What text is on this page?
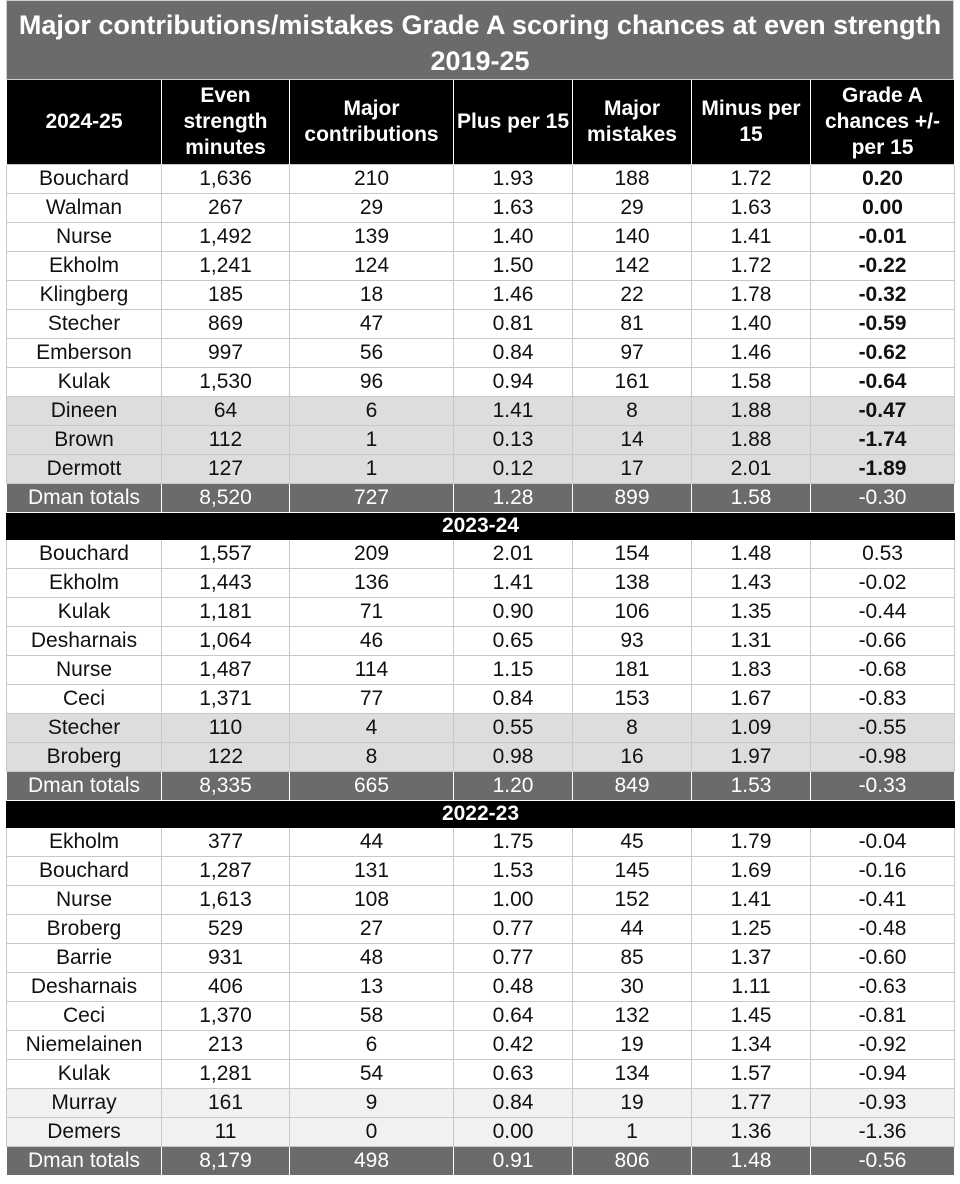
Major contributions/mistakes Grade A scoring chances at even strength 2019-25
2024-25	Even strength minutes	Major contributions	Plus per 15	Major mistakes	Minus per 15	Grade A chances +/- per 15
Bouchard	1,636	210	1.93	188	1.72	0.20
Walman	267	29	1.63	29	1.63	0.00
Nurse	1,492	139	1.40	140	1.41	-0.01
Ekholm	1,241	124	1.50	142	1.72	-0.22
Klingberg	185	18	1.46	22	1.78	-0.32
Stecher	869	47	0.81	81	1.40	-0.59
Emberson	997	56	0.84	97	1.46	-0.62
Kulak	1,530	96	0.94	161	1.58	-0.64
Dineen	64	6	1.41	8	1.88	-0.47
Brown	112	1	0.13	14	1.88	-1.74
Dermott	127	1	0.12	17	2.01	-1.89
Dman totals	8,520	727	1.28	899	1.58	-0.30
2023-24						
Bouchard	1,557	209	2.01	154	1.48	0.53
Ekholm	1,443	136	1.41	138	1.43	-0.02
Kulak	1,181	71	0.90	106	1.35	-0.44
Desharnais	1,064	46	0.65	93	1.31	-0.66
Nurse	1,487	114	1.15	181	1.83	-0.68
Ceci	1,371	77	0.84	153	1.67	-0.83
Stecher	110	4	0.55	8	1.09	-0.55
Broberg	122	8	0.98	16	1.97	-0.98
Dman totals	8,335	665	1.20	849	1.53	-0.33
2022-23						
Ekholm	377	44	1.75	45	1.79	-0.04
Bouchard	1,287	131	1.53	145	1.69	-0.16
Nurse	1,613	108	1.00	152	1.41	-0.41
Broberg	529	27	0.77	44	1.25	-0.48
Barrie	931	48	0.77	85	1.37	-0.60
Desharnais	406	13	0.48	30	1.11	-0.63
Ceci	1,370	58	0.64	132	1.45	-0.81
Niemelainen	213	6	0.42	19	1.34	-0.92
Kulak	1,281	54	0.63	134	1.57	-0.94
Murray	161	9	0.84	19	1.77	-0.93
Demers	11	0	0.00	1	1.36	-1.36
Dman totals	8,179	498	0.91	806	1.48	-0.56
